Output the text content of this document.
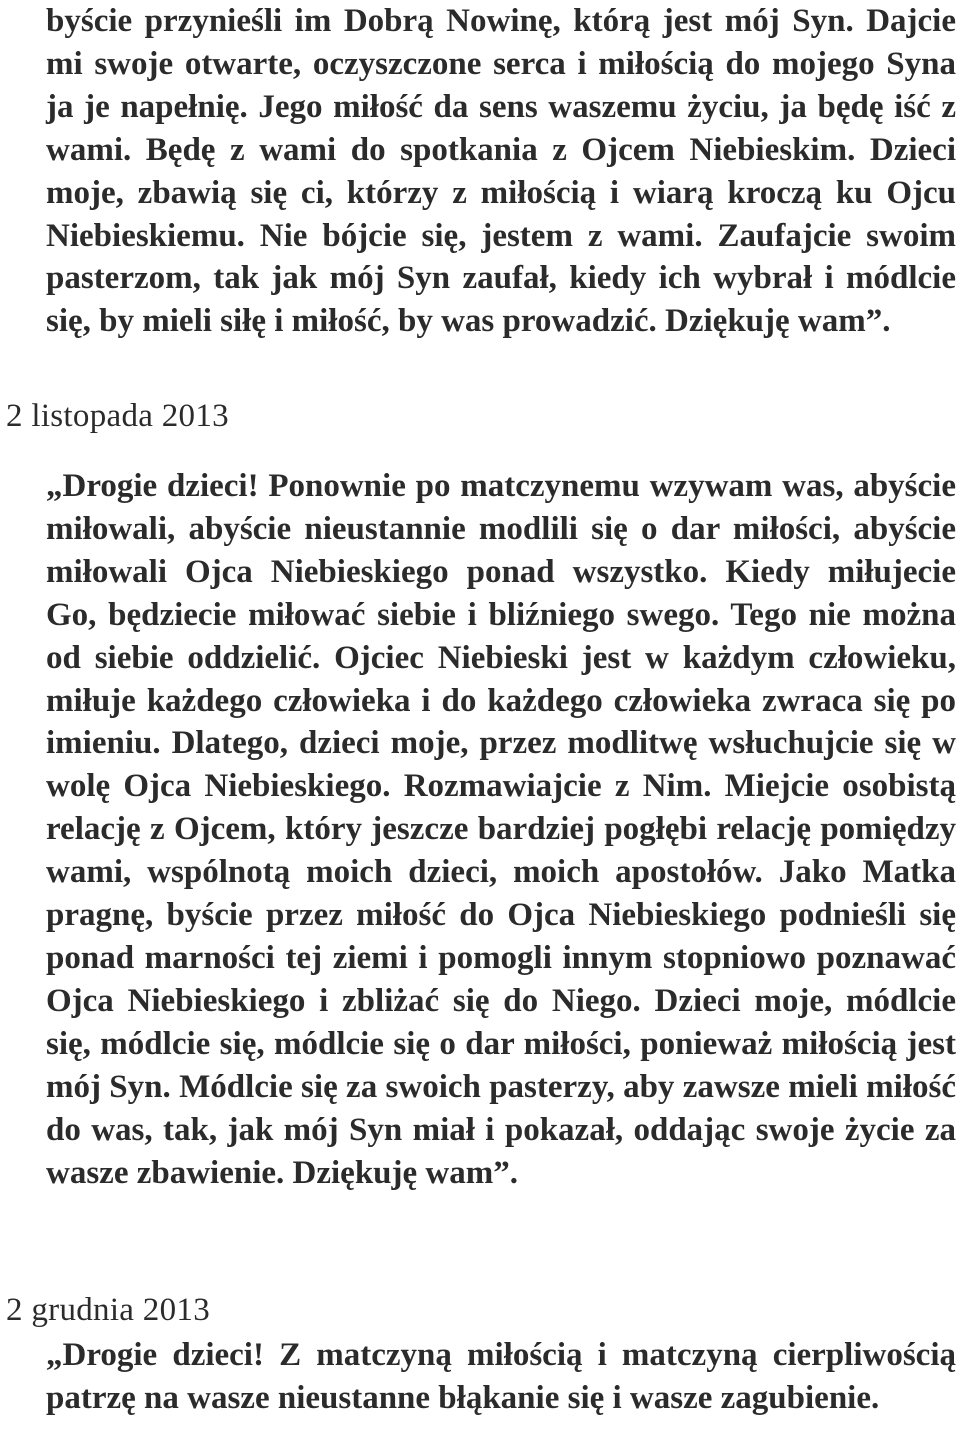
byście przynieśli im Dobrą Nowinę, którą jest mój Syn. Dajcie mi swoje otwarte, oczyszczone serca i miłością do mojego Syna ja je napełnię. Jego miłość da sens waszemu życiu, ja będę iść z wami. Będę z wami do spotkania z Ojcem Niebieskim. Dzieci moje, zbawią się ci, którzy z miłością i wiarą kroczą ku Ojcu Niebieskiemu. Nie bójcie się, jestem z wami. Zaufajcie swoim pasterzom, tak jak mój Syn zaufał, kiedy ich wybrał i módlcie się, by mieli siłę i miłość, by was prowadzić. Dziękuję wam”.

2 listopada 2013

„Drogie dzieci! Ponownie po matczynemu wzywam was, abyście miłowali, abyście nieustannie modlili się o dar miłości, abyście miłowali Ojca Niebieskiego ponad wszystko. Kiedy miłujecie Go, będziecie miłować siebie i bliźniego swego. Tego nie można od siebie oddzielić. Ojciec Niebieski jest w każdym człowieku, miłuje każdego człowieka i do każdego człowieka zwraca się po imieniu. Dlatego, dzieci moje, przez modlitwę wsłuchujcie się w wolę Ojca Niebieskiego. Rozmawiajcie z Nim. Miejcie osobistą relację z Ojcem, który jeszcze bardziej pogłębi relację pomiędzy wami, wspólnotą moich dzieci, moich apostołów. Jako Matka pragnę, byście przez miłość do Ojca Niebieskiego podnieśli się ponad marności tej ziemi i pomogli innym stopniowo poznawać Ojca Niebieskiego i zbliżać się do Niego. Dzieci moje, módlcie się, módlcie się, módlcie się o dar miłości, ponieważ miłością jest mój Syn. Módlcie się za swoich pasterzy, aby zawsze mieli miłość do was, tak, jak mój Syn miał i pokazał, oddając swoje życie za wasze zbawienie. Dziękuję wam”.

2 grudnia 2013

„Drogie dzieci! Z matczyną miłością i matczyną cierpliwością patrzę na wasze nieustanne błąkanie się i wasze zagubienie.
